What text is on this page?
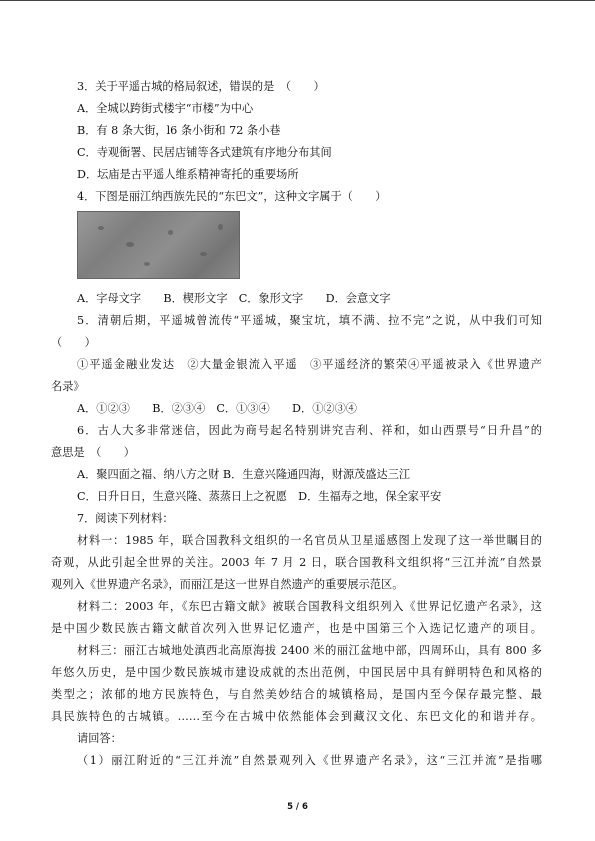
3．关于平遥古城的格局叙述，错误的是　（　　）
A．全城以跨街式楼宇“市楼”为中心
B．有 8 条大街，l6 条小街和 72 条小巷
C．寺观衙署、民居店铺等各式建筑有序地分布其间
D．坛庙是古平遥人维系精神寄托的重要场所
4．下图是丽江纳西族先民的“东巴文”，这种文字属于（　　）
A．字母文字　　B．楔形文字　C．象形文字　　D．会意文字
5．清朝后期，平遥城曾流传“平遥城，聚宝坑，填不满、拉不完”之说，从中我们可知
（　　）
①平遥金融业发达　②大量金银流入平遥　③平遥经济的繁荣④平遥被录入《世界遗产
名录》
A．①②③　　B．②③④　C．①③④　　D．①②③④
6．古人大多非常迷信，因此为商号起名特别讲究吉利、祥和，如山西票号“日升昌”的
意思是　（　　）
A．聚四面之福、纳八方之财 B．生意兴隆通四海，财源茂盛达三江
C．日升日日，生意兴隆、蒸蒸日上之祝愿　D．生福寿之地，保全家平安
7．阅读下列材料：
材料一：1985 年，联合国教科文组织的一名官员从卫星遥感图上发现了这一举世瞩目的
奇观，从此引起全世界的关注。2003 年 7 月 2 日，联合国教科文组织将“三江并流”自然景
观列入《世界遗产名录》，而丽江是这一世界自然遗产的重要展示范区。
材料二：2003 年，《东巴古籍文献》被联合国教科文组织列入《世界记忆遗产名录》，这
是中国少数民族古籍文献首次列入世界记忆遗产，也是中国第三个入选记忆遗产的项目。
材料三：丽江古城地处滇西北高原海拔 2400 米的丽江盆地中部，四周环山，具有 800 多
年悠久历史，是中国少数民族城市建设成就的杰出范例，中国民居中具有鲜明特色和风格的
类型之；浓郁的地方民族特色，与自然美妙结合的城镇格局，是国内至今保存最完整、最
具民族特色的古城镇。……至今在古城中依然能体会到藏汉文化、东巴文化的和谐并存。
请回答：
（1）丽江附近的“三江并流”自然景观列入《世界遗产名录》，这“三江并流”是指哪
5 / 6
